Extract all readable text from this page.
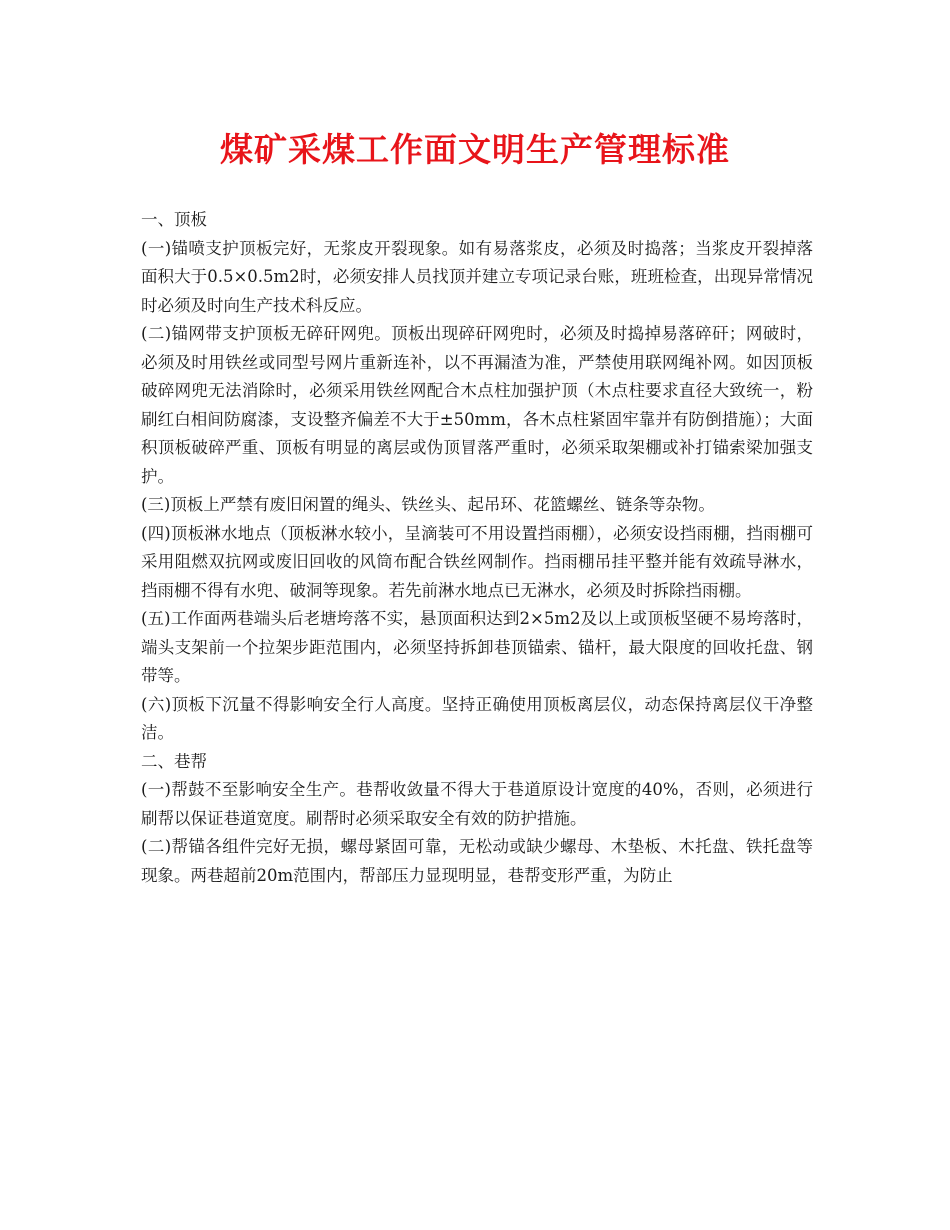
煤矿采煤工作面文明生产管理标准

一、顶板

(一)锚喷支护顶板完好，无浆皮开裂现象。如有易落浆皮，必须及时捣落；当浆皮开裂掉落面积大于0.5×0.5m2时，必须安排人员找顶并建立专项记录台账，班班检查，出现异常情况时必须及时向生产技术科反应。

(二)锚网带支护顶板无碎矸网兜。顶板出现碎矸网兜时，必须及时捣掉易落碎矸；网破时，必须及时用铁丝或同型号网片重新连补，以不再漏渣为准，严禁使用联网绳补网。如因顶板破碎网兜无法消除时，必须采用铁丝网配合木点柱加强护顶（木点柱要求直径大致统一，粉刷红白相间防腐漆，支设整齐偏差不大于±50mm，各木点柱紧固牢靠并有防倒措施）；大面积顶板破碎严重、顶板有明显的离层或伪顶冒落严重时，必须采取架棚或补打锚索梁加强支护。

(三)顶板上严禁有废旧闲置的绳头、铁丝头、起吊环、花篮螺丝、链条等杂物。

(四)顶板淋水地点（顶板淋水较小，呈滴装可不用设置挡雨棚），必须安设挡雨棚，挡雨棚可采用阻燃双抗网或废旧回收的风筒布配合铁丝网制作。挡雨棚吊挂平整并能有效疏导淋水，挡雨棚不得有水兜、破洞等现象。若先前淋水地点已无淋水，必须及时拆除挡雨棚。

(五)工作面两巷端头后老塘垮落不实，悬顶面积达到2×5m2及以上或顶板坚硬不易垮落时，端头支架前一个拉架步距范围内，必须坚持拆卸巷顶锚索、锚杆，最大限度的回收托盘、钢带等。

(六)顶板下沉量不得影响安全行人高度。坚持正确使用顶板离层仪，动态保持离层仪干净整洁。

二、巷帮

(一)帮鼓不至影响安全生产。巷帮收敛量不得大于巷道原设计宽度的40%，否则，必须进行刷帮以保证巷道宽度。刷帮时必须采取安全有效的防护措施。

(二)帮锚各组件完好无损，螺母紧固可靠，无松动或缺少螺母、木垫板、木托盘、铁托盘等现象。两巷超前20m范围内，帮部压力显现明显，巷帮变形严重，为防止
